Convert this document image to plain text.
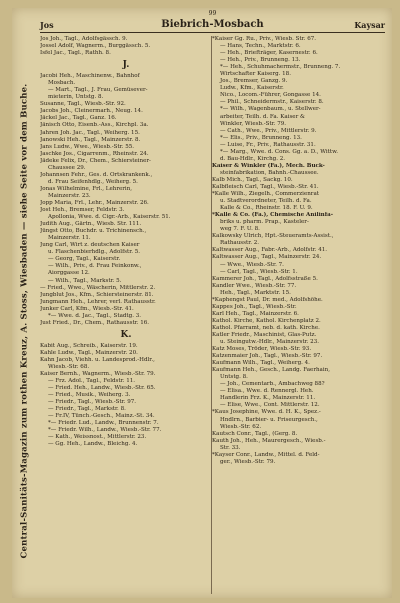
99
Jos	Biebrich-Mosbach	Kaysar
Central-Sanitäts-Magazin zum rothen Kreuz, A. Stoss, Wiesbaden — siehe Seite vor dem Buche.
Jos Joh., Tagl., Adolfsgässch. 9.
Jossel Adolf, Wagnerm., Burggässch. 5.
Isfel Jac., Tagl., Rathh. 8.
J.
Jacobi Heh., Maschinenw., Bahnhof
Mosbach.
— Mart., Tagl., J. Frau, Gemüsever-
mieterin, Untstg. 8.
Susanne, Tagl., Wiesb.-Str. 92.
Jacobs Joh., Cleinermarh., Neug. 14.
Jäckel Jac., Tagl., Ganz. 16.
Jänisch Otto, Eisenb.-Ass., Kirchpl. 3a.
Jahren Joh. Jac., Tagl., Weiherg. 15.
Janowski Heh., Tagl., Mainzerstr. 8.
Jans Ludw., Wwe., Wiesb.-Str. 55.
Jaschke Jos., Cigarrenm., Rheinstr. 24.
Jädeke Felix, Dr., Chem., Schiersteiner-
Chaussee 29.
Johannsen Fehr., Ges. d. Ortskrankenk.,
d. Frau Seifenhdlg., Weiherg. 5.
Jonas Wilhelmine, Frl., Lehrerin,
Mainzerstr. 23.
Jopp Maria, Frl., Lehr., Mainzerstr. 26.
Jost Heh., Bremser, Feldstr. 3.
Apollonia, Wwe. d. Cigr.-Arb., Kaiserstr. 51.
Judith Aug., Gärtn., Wiesb. Str. 111.
Jüngst Otto, Buchdr. u. Trichinensch.,
Mainzerstr. 11.
Jung Carl, Wirt z. deutschen Kaiser
u. Flaschenbierhdlg., Adolfstr. 5.
— Georg, Tagl., Kaiserstr.
— Wilh., Priv., d. Frau Feinkonw.,
Aiorggasse 12.
— Wilh., Tagl., Markstr. 5.
— Fried., Wwe., Wäscherin, Mittlerstr. 2.
Jungblut Jos., Kfm., Schiersteinerstr. 81.
Jungmann Heh., Lehrer, verl. Rathausstr.
Junker Carl, Kfm., Wiesb.-Str. 41.
*— Wwe. d. Jac., Tagl., Stadtg. 3.
Just Fried., Dr., Chem., Rathausstr. 16.
K.
Kabit Aug., Schreib., Kaiserstr. 19.
Kahle Ludw., Tagl., Mainzerstr. 20.
Kahn Jacob, Viehh. u. Landesprod.-Hdlr.,
Wiesb.-Str. 68.
Kaiser Bernh., Wagnerm., Wiesb.-Str. 79.
— Frz. Adol., Tagl., Feldstr. 11.
— Fried. Heh., Landw., Wiesb.-Str. 65.
— Fried., Musik., Weiherg. 3.
— Friedr., Tagl., Wiesb.-Str. 97.
— Friedr., Tagl., Markstr. 8.
— Fr.IV, Tünch.-Gesch., Mainz.-St. 34.
*— Friedr. Lud., Landw., Brunnenstr. 7.
*— Friedr. Wilh., Landw., Wiesb.-Str. 77.
— Kath., Weissnost., Mittlerstr. 23.
— Gg. Heh., Landw., Bleichg. 4.
*Kaiser Gg. Ru., Priv., Wiesb. Str. 67.
— Hans, Techn., Marktstr. 6.
— Heh., Briefträger, Kasernestr. 6.
— Heh., Priv., Brunneng. 13.
*— Heh., Schuhmachermstr., Brunneng. 7.
Wirtschafter Kaiserg. 18.
Jos., Bremser, Ganzg. 9.
Ludw., Kfm., Kaiserstr.
Nico., Locom.-Führer, Gongasse 14.
— Phil., Schneidermstr., Kaiserstr. 8.
*— Wilh., Wagenbaum., u. Stellwer-
arbeiter, Teilh. d. Fa. Kaiser &
Winkler, Wiesb.-Str. 79.
— Cath., Wwe., Priv., Mittlerstr. 9.
*— Elis., Priv., Brunneng. 13.
— Luise, Fr., Priv., Rathausstr. 31.
*— Marg., Wwe. d. Cons. Gg. a. D., Wittw.
d. Bau-Hdlr., Kirchg. 2.
Kaiser & Winkler (Fa.), Mech. Buck-
steinfabrikation, Bahnh.-Chaussee.
Kalb Mich., Tagl., Sackg. 10.
Kalbfleisch Carl, Tagl., Wiesb.-Str. 41.
*Kalle Wilh., Ziegelh., Commerzienrat
u. Stadtverordneter, Teilh. d. Fa.
Kalle & Co., Rheinstr. 18. F. U. 9.
*Kalle & Co. (Fa.), Chemische Anilinfa-
briks u. pharm. Prap., Kasteler-
weg 7. F. U. 8.
Kalkowsky Ulrich, Hpt.-Steueramts-Assist.,
Rathausstr. 2.
Kaltwasser Aug., Fabr.-Arb., Adolfstr. 41.
Kaltwasser Aug., Tagl., Mainzerstr. 24.
— Wwe., Wiesb.-Str. 7.
— Carl, Tagl., Wiesb.-Str. 1.
Kammerer Joh., Tagl., Adolfsstraße 5.
Kandler Wwe., Wiesb.-Str. 77.
Heh., Tagl., Marktstr. 15.
*Kaphengst Paul, Dr. med., Adolfshöhe.
Kappes Joh., Tagl., Wiesb.-Str.
Karl Heh., Tagl., Mainzerstr. 6.
Kathol. Kirche, Kathol. Kirchenplatz 2.
Kathol. Pfarramt, neb. d. kath. Kirche.
Katler Friedr., Maschinist, Glas-Putz.
u. Steingutw.-Hdlr., Mainzerstr. 23.
Katz Moses, Tröder, Wiesb.-Str. 93.
Katzenmaier Joh., Tagl., Wiesb.-Str. 97.
Kaufmann Wilh., Tagl., Weiherg. 4.
Kaufmann Heh., Gesch., Landg. Faerhain,
Untstg. 8.
— Joh., Cementarb., Ambachweg 88?
— Elisa., Wwe. d. Rennergl. Heh.
Handlerin Frz. K., Mainzerstr. 11.
— Elise, Wwe., Cont. Mittlerstr. 12.
*Kaus Josephine, Wwe. d. H. K., Spez.-
Hndlrn., Barbier- u. Friseurgesch.,
Wiesb.-Str. 62.
Kautsch Conr., Tagl., (Gerg. 8.
Kauth Joh., Heh., Maurergesch., Wiesb.-
Str. 33.
*Kayser Conr., Landw., Mittel. d. Feld-
ger., Wiesb.-Str. 79.
